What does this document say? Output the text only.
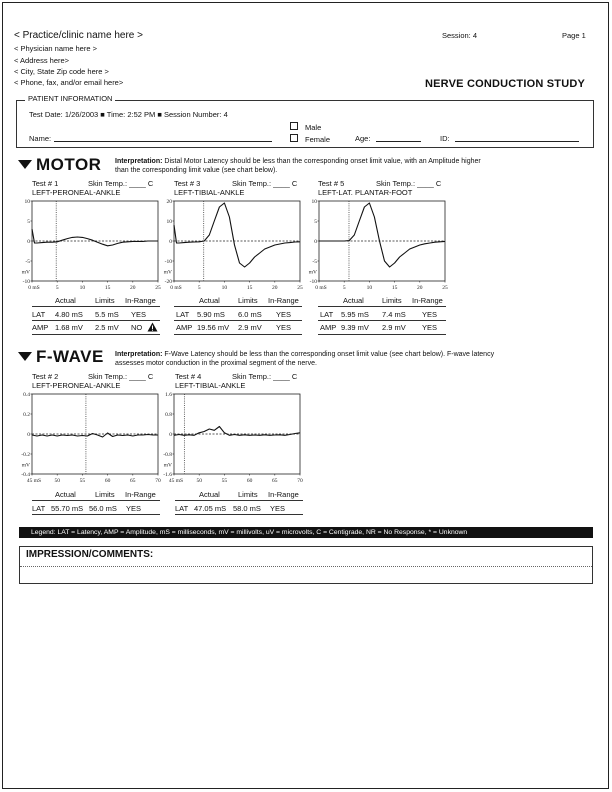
< Practice/clinic name here >
< Physician name here >
< Address here>
< City, State Zip code here >
< Phone, fax, and/or email here>
Session: 4	Page 1
NERVE CONDUCTION STUDY
PATIENT INFORMATION
Test Date: 1/26/2003 ■ Time: 2:52 PM ■ Session Number: 4
Name:
Male
Female	Age:	ID:
MOTOR Interpretation: Distal Motor Latency should be less than the corresponding onset limit value, with an Amplitude higher
than the corresponding limit value (see chart below).
Test # 1	Skin Temp.: ____ C
LEFT-PERONEAL-ANKLE
Test # 3	Skin Temp.: ____ C
LEFT-TIBIAL-ANKLE
Test # 5	Skin Temp.: ____ C
LEFT-LAT. PLANTAR-FOOT
10
5
0
-5
mV
-10
0 mS	5	10	15	20	25
20
10
0
-10
mV
-20
0 mS	5	10	15	20	25
10
5
0
-5
mV
-10
0 mS	5	10	15	20	25
Actual	Limits In-Range
LAT 4.80 mS 5.5 mS YES
AMP 1.68 mV 2.5 mV NO
Actual Limits In-Range
LAT 5.90 mS 6.0 mS YES
AMP 19.56 mV 2.9 mV YES
Actual Limits In-Range
LAT 5.95 mS 7.4 mS YES
AMP 9.39 mV 2.9 mV YES
F-WAVE Interpretation: F-Wave Latency should be less than the corresponding onset limit value (see chart below). F-wave latency
assesses motor conduction in the proximal segment of the nerve.
Test # 2	Skin Temp.: ____ C
LEFT-PERONEAL-ANKLE
Test # 4	Skin Temp.: ____ C
LEFT-TIBIAL-ANKLE
0.4
0.2
0
-0.2
mV
-0.4
45 mS 50	55	60	65	70
1.6
0.8
0
-0.8
mV
-1.6
45 mS 50	55	60	65	70
Actual	Limits In-Range
LAT 55.70 mS 56.0 mS YES
Actual Limits In-Range
LAT 47.05 mS 58.0 mS YES
Legend: LAT = Latency, AMP = Amplitude, mS = milliseconds, mV = millivolts, uV = microvolts, C = Centigrade, NR = No Response, * = Unknown
IMPRESSION/COMMENTS:
